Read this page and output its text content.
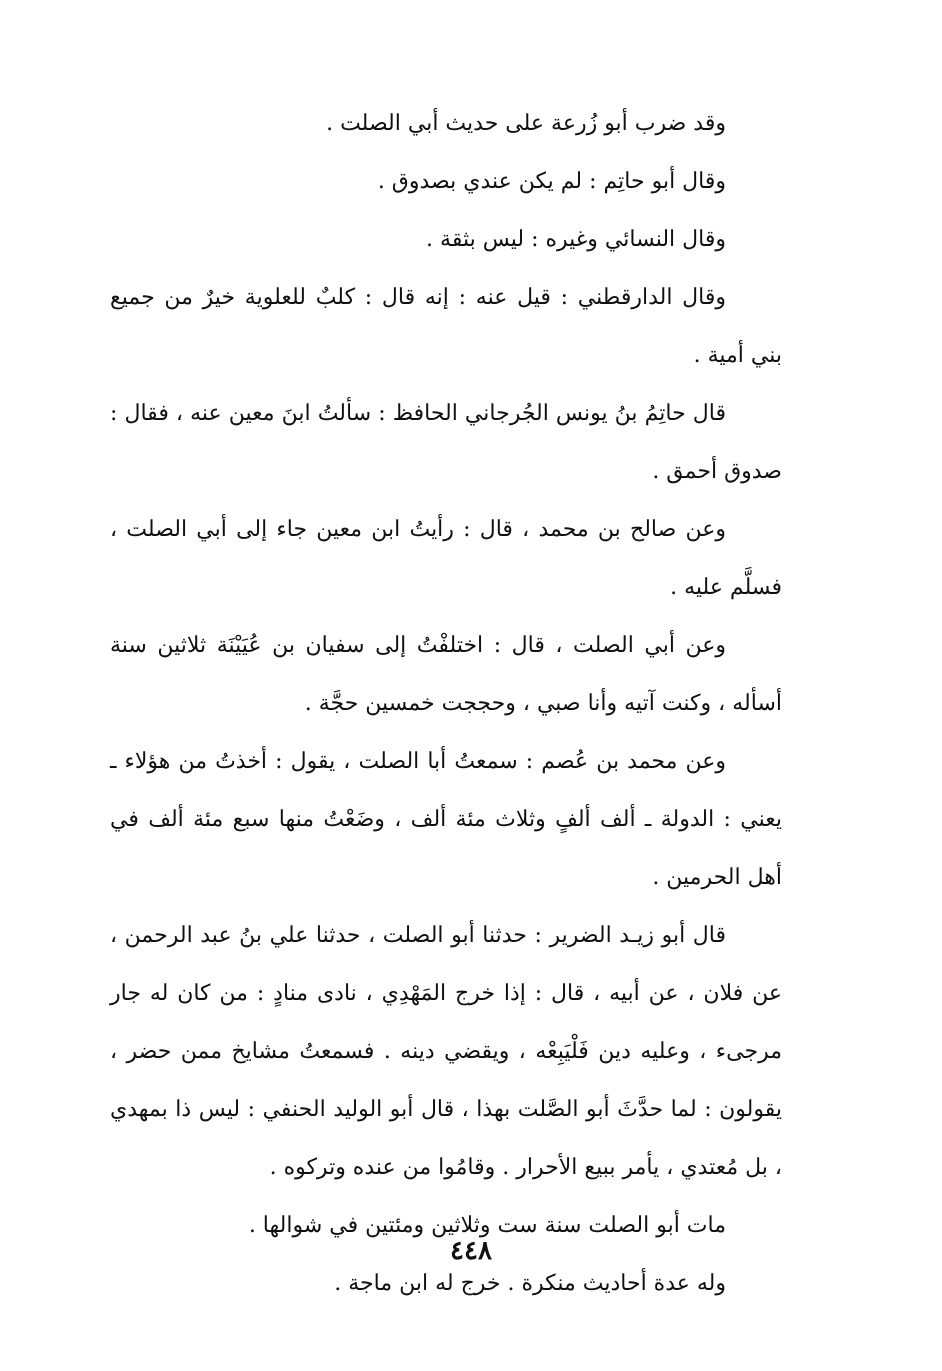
وقد ضرب أبو زُرعة على حديث أبي الصلت .

وقال أبو حاتِم : لم يكن عندي بصدوق .

وقال النسائي وغيره : ليس بثقة .

وقال الدارقطني : قيل عنه : إنه قال : كلبٌ للعلوية خيرٌ من جميع بني أمية .

قال حاتِمُ بنُ يونس الجُرجاني الحافظ : سألتُ ابنَ معين عنه ، فقال : صدوق أحمق .

وعن صالح بن محمد ، قال : رأيتُ ابن معين جاء إلى أبي الصلت ، فسلَّم عليه .

وعن أبي الصلت ، قال : اختلفْتُ إلى سفيان بن عُيَيْنَة ثلاثين سنة أسأله ، وكنت آتيه وأنا صبي ، وحججت خمسين حجَّة .

وعن محمد بن عُصم : سمعتُ أبا الصلت ، يقول : أخذتُ من هؤلاء ـ يعني : الدولة ـ ألف ألفٍ وثلاث مئة ألف ، وضَعْتُ منها سبع مئة ألف في أهل الحرمين .

قال أبو زيـد الضرير : حدثنا أبو الصلت ، حدثنا علي بنُ عبد الرحمن ، عن فلان ، عن أبيه ، قال : إذا خرج المَهْدِي ، نادى منادٍ : من كان له جار مرجىء ، وعليه دين فَلْيَبِعْه ، ويقضي دينه . فسمعتُ مشايخ ممن حضر ، يقولون : لما حدَّثَ أبو الصَّلت بهذا ، قال أبو الوليد الحنفي : ليس ذا بمهدي ، بل مُعتدي ، يأمر ببيع الأحرار . وقامُوا من عنده وتركوه .

مات أبو الصلت سنة ست وثلاثين ومئتين في شوالها .

وله عدة أحاديث منكرة . خرج له ابن ماجة .

٤٤٨
